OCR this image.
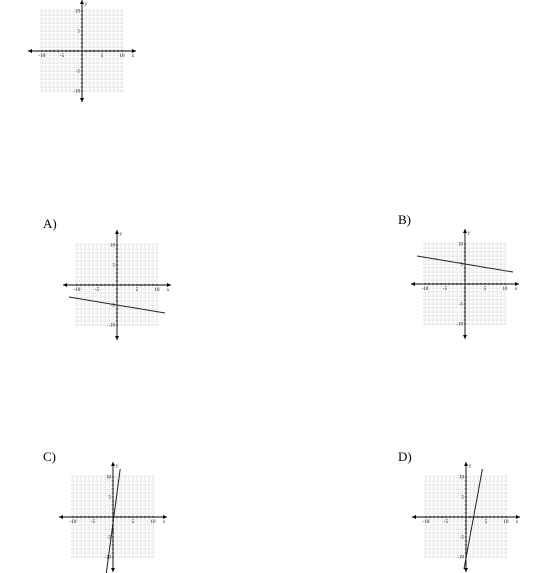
-10	-5	5	10
10
5
-5
-10
x
y
A)
-10	-5	5	10
10
5
-5
-10
x
y
B)
-10	-5	5	10
10
5
-5
-10
x
y
C)
-10	-5	5	10
10
5
-5
-10
x
y
D)
-10	-5	5	10
10
5
-5
-10
x
y
